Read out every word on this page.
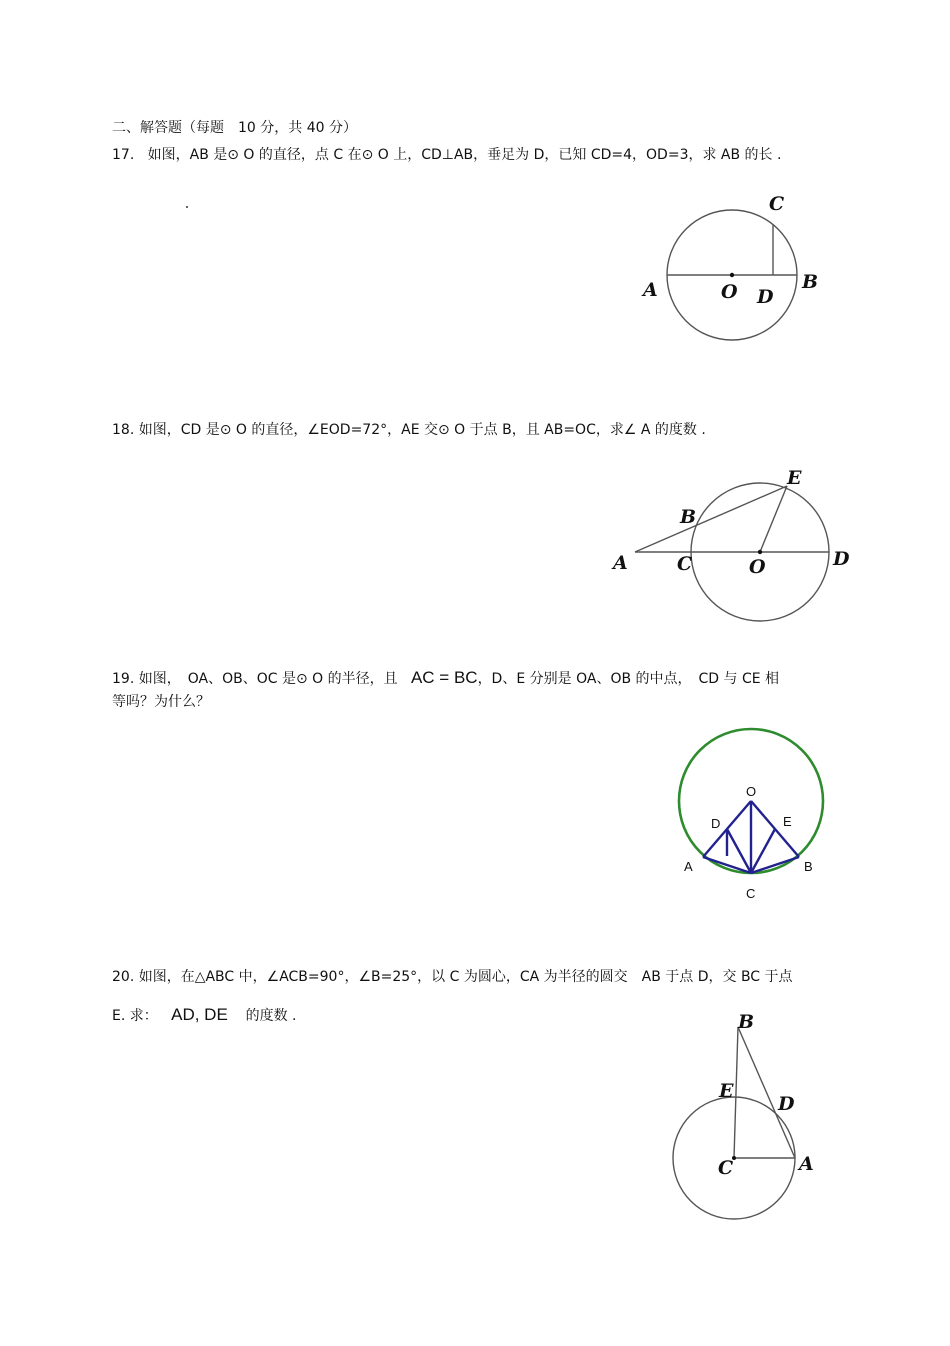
二、解答题（每题　10 分，共 40 分）
17. 如图，AB 是⊙ O 的直径，点 C 在⊙ O 上，CD⊥AB，垂足为 D，已知 CD=4，OD=3，求 AB 的长 .
18. 如图，CD 是⊙ O 的直径，∠EOD=72°，AE 交⊙ O 于点 B，且 AB=OC，求∠ A 的度数 .
19. 如图，　OA、OB、OC 是⊙ O 的半径，且 AC = BC，D、E 分别是 OA、OB 的中点，　CD 与 CE 相
等吗？为什么？
20. 如图，在△ABC 中，∠ACB=90°，∠B=25°，以 C 为圆心，CA 为半径的圆交　AB 于点 D，交 BC 于点
E. 求： AD, DE 的度数 .
A	B
C
D
O
A
B
C	D
E
O
O
D	E
A	B
C
B
E
D
C	A
